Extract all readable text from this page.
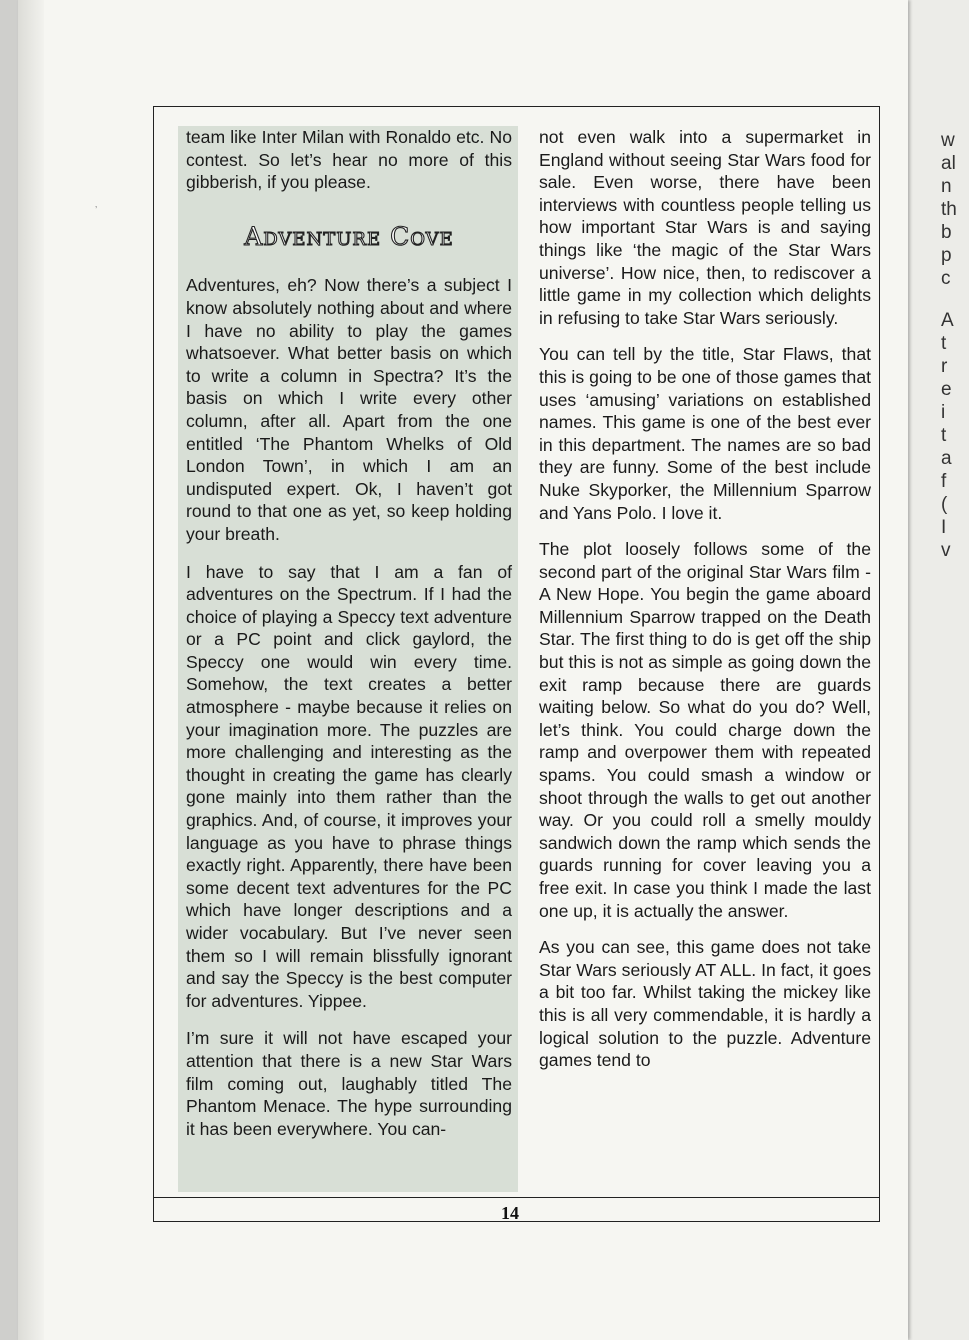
w
al
n
th
b
p
c
A
t
r
e
i
t
a
f
(
I
v
’

team like Inter Milan with Ronaldo etc. No contest. So let’s hear no more of this gibberish, if you please.

Adventure Cove

Adventures, eh? Now there’s a subject I know absolutely nothing about and where I have no ability to play the games whatsoever. What better basis on which to write a column in Spectra? It’s the basis on which I write every other column, after all. Apart from the one entitled ‘The Phantom Whelks of Old London Town’, in which I am an undisputed expert. Ok, I haven’t got round to that one as yet, so keep holding your breath.

I have to say that I am a fan of adventures on the Spectrum. If I had the choice of playing a Speccy text adventure or a PC point and click gaylord, the Speccy one would win every time. Somehow, the text creates a better atmosphere - maybe because it relies on your imagination more. The puzzles are more challenging and interesting as the thought in creating the game has clearly gone mainly into them rather than the graphics. And, of course, it improves your language as you have to phrase things exactly right. Apparently, there have been some decent text adventures for the PC which have longer descriptions and a wider vocabulary. But I’ve never seen them so I will remain blissfully ignorant and say the Speccy is the best computer for adventures. Yippee.

I’m sure it will not have escaped your attention that there is a new Star Wars film coming out, laughably titled The Phantom Menace. The hype surrounding it has been everywhere. You can-

not even walk into a supermarket in England without seeing Star Wars food for sale. Even worse, there have been interviews with countless people telling us how important Star Wars is and saying things like ‘the magic of the Star Wars universe’. How nice, then, to rediscover a little game in my collection which delights in refusing to take Star Wars seriously.

You can tell by the title, Star Flaws, that this is going to be one of those games that uses ‘amusing’ variations on established names. This game is one of the best ever in this department. The names are so bad they are funny. Some of the best include Nuke Skyporker, the Millennium Sparrow and Yans Polo. I love it.

The plot loosely follows some of the second part of the original Star Wars film - A New Hope. You begin the game aboard Millennium Sparrow trapped on the Death Star. The first thing to do is get off the ship but this is not as simple as going down the exit ramp because there are guards waiting below. So what do you do? Well, let’s think. You could charge down the ramp and overpower them with repeated spams. You could smash a window or shoot through the walls to get out another way. Or you could roll a smelly mouldy sandwich down the ramp which sends the guards running for cover leaving you a free exit. In case you think I made the last one up, it is actually the answer.

As you can see, this game does not take Star Wars seriously AT ALL. In fact, it goes a bit too far. Whilst taking the mickey like this is all very commendable, it is hardly a logical solution to the puzzle. Adventure games tend to

14
